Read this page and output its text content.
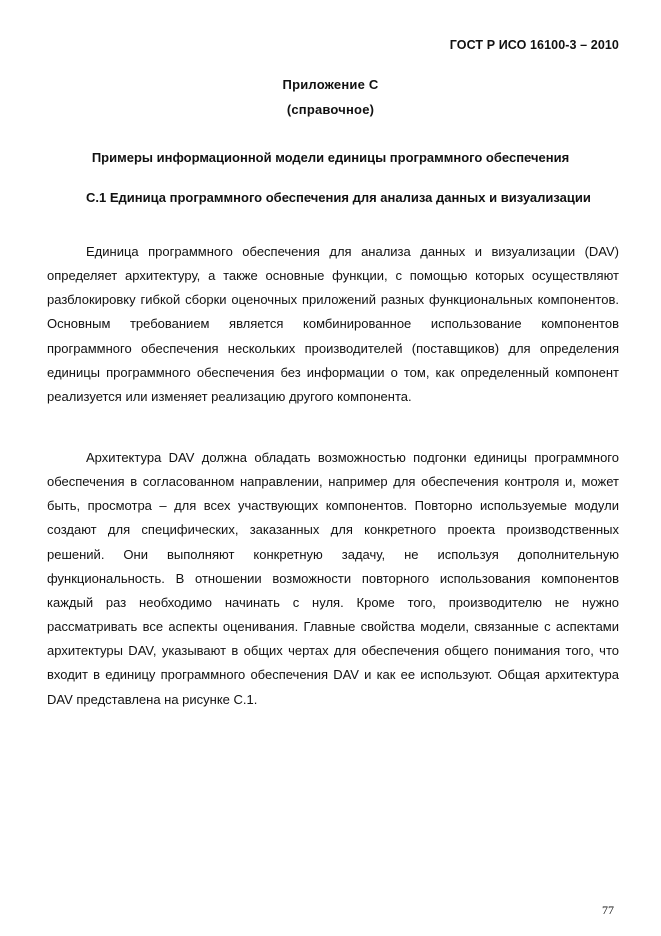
ГОСТ Р ИСО 16100-3 – 2010
Приложение С
(справочное)
Примеры информационной модели единицы программного обеспечения
С.1 Единица программного обеспечения для анализа данных и визуализации

Единица программного обеспечения для анализа данных и визуализации (DAV) определяет архитектуру, а также основные функции, с помощью которых осуществляют разблокировку гибкой сборки оценочных приложений разных функциональных компонентов. Основным требованием является комбинированное использование компонентов программного обеспечения нескольких производителей (поставщиков) для определения единицы программного обеспечения без информации о том, как определенный компонент реализуется или изменяет реализацию другого компонента.

Архитектура DAV должна обладать возможностью подгонки единицы программного обеспечения в согласованном направлении, например для обеспечения контроля и, может быть, просмотра – для всех участвующих компонентов. Повторно используемые модули создают для специфических, заказанных для конкретного проекта производственных решений. Они выполняют конкретную задачу, не используя дополнительную функциональность. В отношении возможности повторного использования компонентов каждый раз необходимо начинать с нуля. Кроме того, производителю не нужно рассматривать все аспекты оценивания. Главные свойства модели, связанные с аспектами архитектуры DAV, указывают в общих чертах для обеспечения общего понимания того, что входит в единицу программного обеспечения DAV и как ее используют. Общая архитектура DAV представлена на рисунке С.1.

77
